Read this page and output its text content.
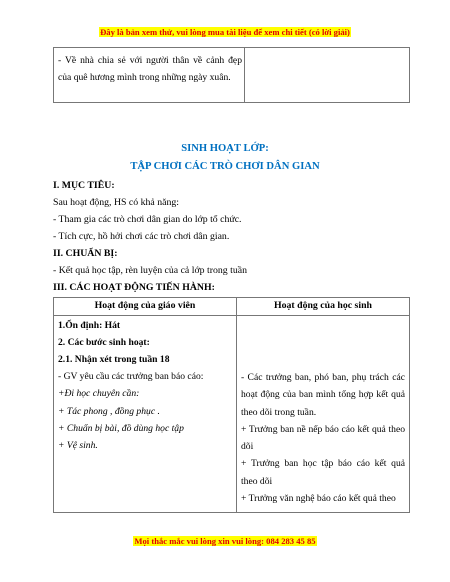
Đây là bản xem thử, vui lòng mua tài liệu để xem chi tiết (có lời giải)
- Về nhà chia sẻ với người thân về cảnh đẹp của quê hương mình trong những ngày xuân.
SINH HOẠT LỚP:
TẬP CHƠI CÁC TRÒ CHƠI DÂN GIAN
I. MỤC TIÊU:
Sau hoạt động, HS có khả năng:
- Tham gia các trò chơi dân gian do lớp tổ chức.
- Tích cực, hồ hởi chơi các trò chơi dân gian.
II. CHUẨN BỊ:
- Kết quả học tập, rèn luyện của cả lớp trong tuần
III. CÁC HOẠT ĐỘNG TIẾN HÀNH:
Hoạt động của giáo viên	Hoạt động của học sinh
1.Ổn định: Hát
2. Các bước sinh hoạt:
2.1. Nhận xét trong tuần 18
- GV yêu cầu các trưởng ban báo cáo:
+Đi học chuyên cần:
+ Tác phong , đồng phục .
+ Chuẩn bị bài, đồ dùng học tập
+ Vệ sinh.

- Các trưởng ban, phó ban, phụ trách các hoạt động của ban mình tổng hợp kết quả theo dõi trong tuần.

+ Trưởng ban nề nếp báo cáo kết quả theo dõi

+ Trưởng ban học tập báo cáo kết quả theo dõi

+ Trưởng văn nghệ báo cáo kết quả theo

Mọi thắc mắc vui lòng xin vui lòng: 084 283 45 85
